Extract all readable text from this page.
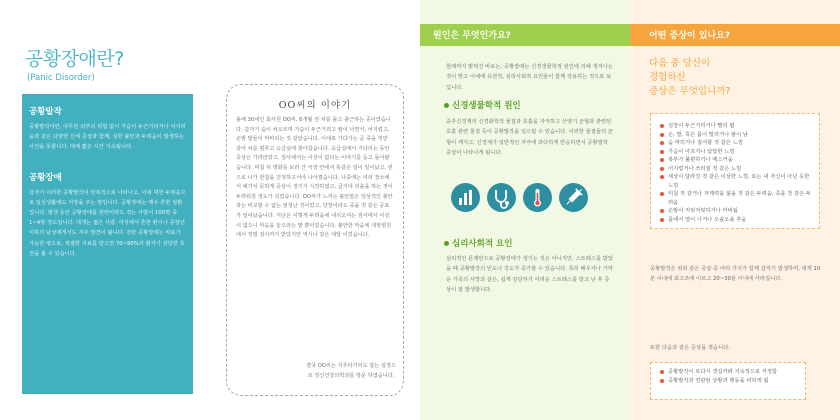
공황장애란?
(Panic Disorder)
공황발작

공황발작이란, 아무런 외부의 위험 없이 가슴이 두근거리거나 어지러움과 같은 다양한 신체 증상과 함께, 심한 불안과 두려움이 발생하는 사건을 뜻합니다. 대체 짧은 시간 지속됩니다.

공황장애

갑자기 이러한 공황발작이 반복적으로 나타나고, 이에 대한 두려움으로 일상생활에도 지장을 주는 병입니다. 공황장애는 매우 흔한 질환입니다. 평생 동안 공황장애를 한번이라도 겪는 사람이 100명 중 1~4명 정도입니다. 대개는 젊은 사람, 여성에서 흔한 편이나 중장년 이후의 남성에게서도 자주 발견이 됩니다. 전반 공황장애는 치료가 가능한 병으로, 적절한 치료를 받으면 70~90%의 환자가 상당한 호전을 볼 수 있습니다.

OO씨의 이야기
올해 30세인 회사원 OO씨, 6개월 전 차를 몰고 출근하는 중이었습니다. 갑자기 숨이 차오르며 가슴이 두근거리고 땀이 나면서, 어지럽고, 손발 말들이 마비되는 것 같았습니다. 이대로 가다가는 곧 죽을 것만 같아 차를 멈추고 응급실에 찾아갔습니다. 응급실에서 기다리는 동안 증상은 가라앉았고, 검사에서는 이상이 없다는 이야기를 듣고 돌아왔습니다. 며칠 뒤 영화를 보러 간 극장 안에서 똑같은 일이 일어났고, 빈으로 나가 한참을 진정하고서야 나아졌습니다. 나중에는 여러 장소에서 예기치 못하게 증상이 생기기 시작하였고, 급기야 외출을 하는 것이 두려워질 정도가 되었습니다. OO씨가 느끼는 불안함은 일상적인 불안과는 비교할 수 없는 엄청난 것이었고, 당장이라도 죽을 것 같은 공포가 일어났습니다. 지난은 이렇게 두려움에 내리오셔는 검사에서 이상이 없으니 마음을 놓으라는 말 뿐이었습니다. 불안한 마음에 대학병원에서 정밀 검사까지 받았지만 역시나 같은 대답 이었습니다.
결국 OO씨는 지푸라기라도 잡는 심정으로 정신건강의학과를 방문 하였습니다.
원인은 무엇인가요?
현재까지 밝혀진 바로는, 공황장애는 신경생물학적 원인에 의해 생겨나는 것이 맞고 이에에 유전적, 심리사회적 요인들이 함께 작용하는 것으로 보입니다.
신경생물학적 원인
중추신경계의 신경화학적 물질과 호흡을 자극하고 산염기 균형과 관련된 호흡 관련 물질 등이 공황발작을 일으킬 수 있습니다. 이러한 물질들의 균형이 깨지고, 신경계가 일반적인 자극에 과다하게 반응하면서 공황발작 증상이 나타나게 됩니다.
심리사회적 요인
심리적인 문제만으로 공황장애가 생기는 것은 아니지만, 스트레스를 받았을 때 공황발작의 빈도나 강도가 증가할 수 있습니다. 특히 배우자나 가까운 가족의 사망과 같은, 쉽게 감당하기 어려운 스트레스를 받고 난 후 증상이 잘 발생합니다.
어떤 증상이 있나요?
다음 중 당신이
경험하신
증상은 무엇입니까?
심장이 두근거리거나 빨리 뜀
손, 발, 혹은 몸이 떨리거나 땀이 남
숨 막히거나 질식할 것 같은 느낌
가슴이 아프거나 답답한 느낌
복부가 불편하거나 메스꺼움
어지럽거나 쓰러질 것 같은 느낌
세상이 달라진 것 같은 이상한 느낌, 또는 내 자신이 아닌 듯한 느낌
미칠 것 같거나 자제력을 잃을 것 같은 두려움, 죽을 것 같은 두려움
손발이 저릿저릿하거나 마비됨
몸에서 열이 나거나 오솔오솔 추움
공황발작은 위와 같은 증상 중 여러 가지가 함께 갑자기 발생하며, 대개 10분 이내에 최고조에 이르고 20~30분 이내에 사라집니다.
또한 다음과 같은 증상을 겪습니다.
공황발작이 또다시 생길까봐 지속적으로 걱정함
공황발작과 연관된 상황과 행동을 피하게 됨
